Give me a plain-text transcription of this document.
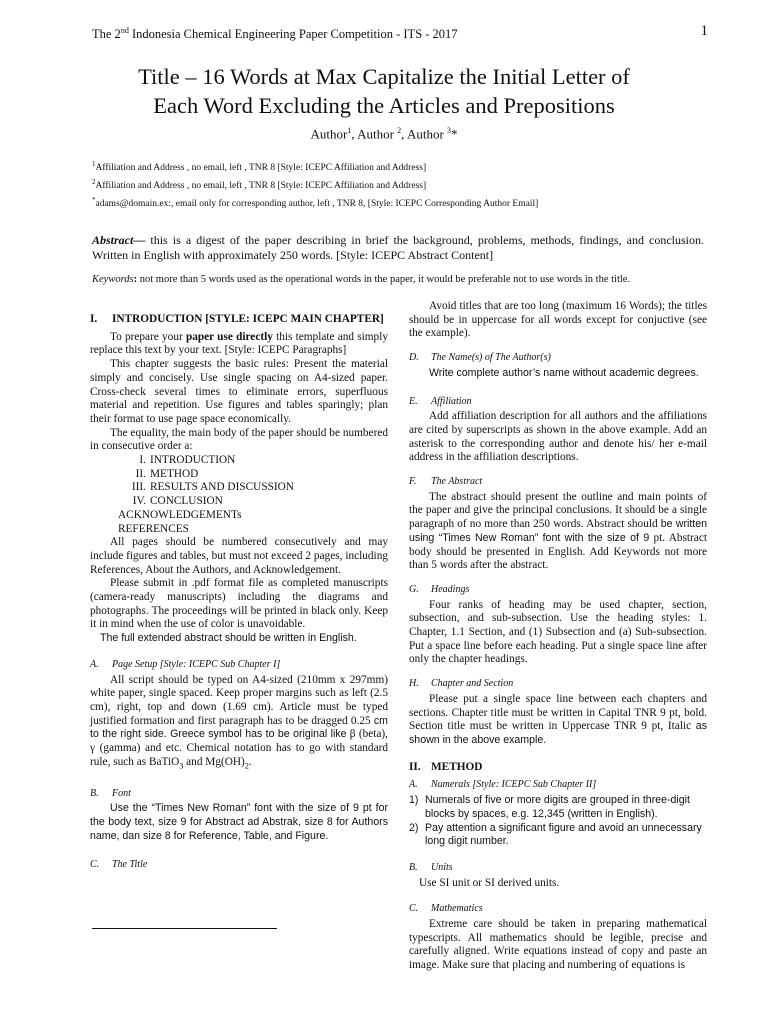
The 2nd Indonesia Chemical Engineering Paper Competition - ITS - 2017	1
Title – 16 Words at Max Capitalize the Initial Letter of
Each Word Excluding the Articles and Prepositions
Author$^1$, Author $^2$, Author $^3$*
$^1$Affiliation and Address , no email, left , TNR 8 [Style: ICEPC Affiliation and Address]
$^2$Affiliation and Address , no email, left , TNR 8 [Style: ICEPC Affiliation and Address]
*adams@domain.ex:, email only for corresponding author, left , TNR 8, [Style: ICEPC Corresponding Author Email]
Abstract— this is a digest of the paper describing in brief the background, problems, methods, findings, and conclusion. Written in English with approximately 250 words. [Style: ICEPC Abstract Content]
Keywords: not more than 5 words used as the operational words in the paper, it would be preferable not to use words in the title.
I.	INTRODUCTION [STYLE: ICEPC MAIN CHAPTER]

To prepare your paper use directly this template and simply replace this text by your text. [Style: ICEPC Paragraphs]

This chapter suggests the basic rules: Present the material simply and concisely. Use single spacing on A4-sized paper. Cross-check several times to eliminate errors, superfluous material and repetition. Use figures and tables sparingly; plan their format to use page space economically.

The equality, the main body of the paper should be numbered in consecutive order a:

I. INTRODUCTION
II. METHOD
III. RESULTS AND DISCUSSION
IV. CONCLUSION
ACKNOWLEDGEMENTs
REFERENCES

All pages should be numbered consecutively and may include figures and tables, but must not exceed 2 pages, including References, About the Authors, and Acknowledgement.

Please submit in .pdf format file as completed manuscripts (camera-ready manuscripts) including the diagrams and photographs. The proceedings will be printed in black only. Keep it in mind when the use of color is unavoidable.

The full extended abstract should be written in English.

A.	Page Setup [Style: ICEPC Sub Chapter I]

All script should be typed on A4-sized (210mm x 297mm) white paper, single spaced. Keep proper margins such as left (2.5 cm), right, top and down (1.69 cm). Article must be typed justified formation and first paragraph has to be dragged 0.25 cm to the right side. Greece symbol has to be original like β (beta), γ (gamma) and etc. Chemical notation has to go with standard rule, such as BaTiO$_3$ and $Mg(OH)_2$.

B.	Font

Use the “Times New Roman” font with the size of 9 pt for the body text, size 9 for Abstract ad Abstrak, size 8 for Authors name, dan size 8 for Reference, Table, and Figure.

C.	The Title

Avoid titles that are too long (maximum 16 Words); the titles should be in uppercase for all words except for conjuctive (see the example).

D.	The Name(s) of The Author(s)

Write complete author’s name without academic degrees.

E.	Affiliation

Add affiliation description for all authors and the affiliations are cited by superscripts as shown in the above example. Add an asterisk to the corresponding author and denote his/ her e-mail address in the affiliation descriptions.

F.	The Abstract

The abstract should present the outline and main points of the paper and give the principal conclusions. It should be a single paragraph of no more than 250 words. Abstract should be written using “Times New Roman” font with the size of 9 pt. Abstract body should be presented in English. Add Keywords not more than 5 words after the abstract.

G.	Headings

Four ranks of heading may be used chapter, section, subsection, and sub-subsection. Use the heading styles: 1. Chapter, 1.1 Section, and (1) Subsection and (a) Sub-subsection. Put a space line before each heading. Put a single space line after only the chapter headings.

H.	Chapter and Section

Please put a single space line between each chapters and sections. Chapter title must be written in Capital TNR 9 pt, bold. Section title must be written in Uppercase TNR 9 pt, Italic as shown in the above example.

II. METHOD
A.	Numerals [Style: ICEPC Sub Chapter II]
1) Numerals of five or more digits are grouped in three-digit blocks by spaces, e.g. 12,345 (written in English).
2) Pay attention a significant figure and avoid an unnecessary long digit number.
B.	Units

Use SI unit or SI derived units.

C.	Mathematics

Extreme care should be taken in preparing mathematical typescripts. All mathematics should be legible, precise and carefully aligned. Write equations instead of copy and paste an image. Make sure that placing and numbering of equations is
